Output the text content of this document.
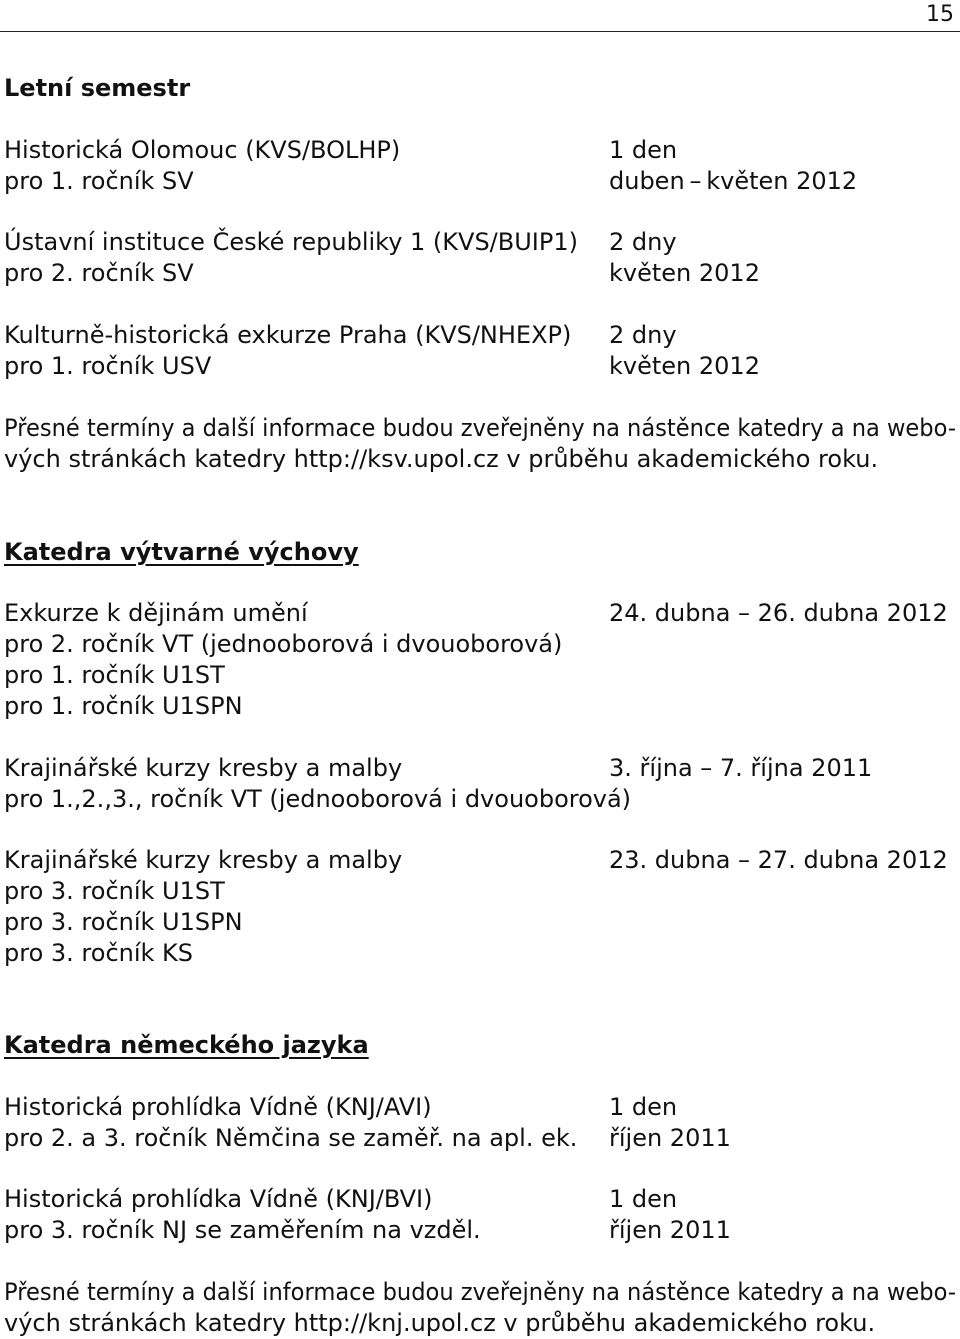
15
Letní semestr
Historická Olomouc (KVS/BOLHP)	1 den
pro 1. ročník SV	duben – květen 2012
Ústavní instituce České republiky 1 (KVS/BUIP1) 2 dny
pro 2. ročník SV	květen 2012
Kulturně-historická exkurze Praha (KVS/NHEXP) 2 dny
pro 1. ročník USV	květen 2012
Přesné termíny a další informace budou zveřejněny na nástěnce katedry a na webo-
vých stránkách katedry http://ksv.upol.cz v průběhu akademického roku.
Katedra výtvarné výchovy
Exkurze k dějinám umění	24. dubna – 26. dubna 2012
pro 2. ročník VT (jednooborová i dvouoborová)
pro 1. ročník U1ST
pro 1. ročník U1SPN
Krajinářské kurzy kresby a malby	3. října – 7. října 2011
pro 1.,2.,3., ročník VT (jednooborová i dvouoborová)
Krajinářské kurzy kresby a malby	23. dubna – 27. dubna 2012
pro 3. ročník U1ST
pro 3. ročník U1SPN
pro 3. ročník KS
Katedra německého jazyka
Historická prohlídka Vídně (KNJ/AVI)	1 den
pro 2. a 3. ročník Němčina se zaměř. na apl. ek. říjen 2011
Historická prohlídka Vídně (KNJ/BVI)	1 den
pro 3. ročník NJ se zaměřením na vzděl.	říjen 2011
Přesné termíny a další informace budou zveřejněny na nástěnce katedry a na webo-
vých stránkách katedry http://knj.upol.cz v průběhu akademického roku.
